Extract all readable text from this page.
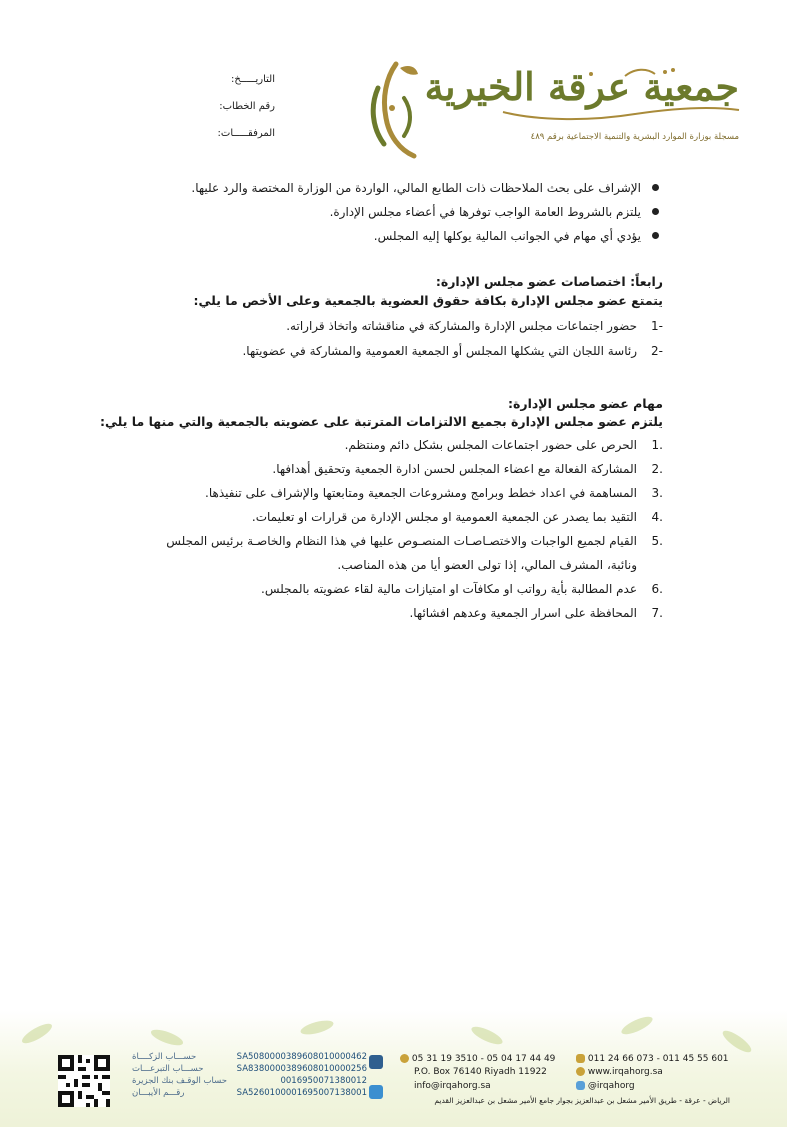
التاريـــــخ:
رقم الخطاب:
المرفقـــــات:
جمعية عرقة الخيرية
مسجلة بوزارة الموارد البشرية والتنمية الاجتماعية برقم ٤٨٩
الإشراف على بحث الملاحظات ذات الطابع المالي، الواردة من الوزارة المختصة والرد عليها.
يلتزم بالشروط العامة الواجب توفرها في أعضاء مجلس الإدارة.
يؤدي أي مهام في الجوانب المالية يوكلها إليه المجلس.
رابعاً: اختصاصات عضو مجلس الإدارة:
يتمتع عضو مجلس الإدارة بكافة حقوق العضوية بالجمعية وعلى الأخص ما يلي:
-1
حضور اجتماعات مجلس الإدارة والمشاركة في مناقشاته واتخاذ قراراته.
-2
رئاسة اللجان التي يشكلها المجلس أو الجمعية العمومية والمشاركة في عضويتها.
مهام عضو مجلس الإدارة:
يلتزم عضو مجلس الإدارة بجميع الالتزامات المترتبة على عضويته بالجمعية والتي منها ما يلي:
.1
الحرص على حضور اجتماعات المجلس بشكل دائم ومنتظم.
.2
المشاركة الفعالة مع اعضاء المجلس لحسن ادارة الجمعية وتحقيق أهدافها.
.3
المساهمة في اعداد خطط وبرامج ومشروعات الجمعية ومتابعتها والإشراف على تنفيذها.
.4
التقيد بما يصدر عن الجمعية العمومية او مجلس الإدارة من قرارات او تعليمات.
.5
القيام لجميع الواجبات والاختصـاصـات المنصـوص عليها في هذا النظام والخاصـة برئيس المجلس
ونائبة، المشرف المالي، إذا تولى العضو أيا من هذه المناصب.
.6
عدم المطالبة بأية رواتب او مكافآت او امتيازات مالية لقاء عضويته بالمجلس.
.7
المحافظة على اسرار الجمعية وعدهم افشائها.
حســـاب الزكــــاة	SA5080000389608010000462
حســـاب التبرعـــات	SA8380000389608010000256
حساب الوقـف بنك الجزيرة	0016950071380012
رقـــم الأيبـــان	SA5260100001695007138001
05 31 19 3510 - 05 04 17 44 49	011 24 66 073 - 011 45 55 601
P.O. Box 76140 Riyadh 11922	www.irqahorg.sa
info@irqahorg.sa	@irqahorg
الرياض - عرقة - طريق الأمير مشعل بن عبدالعزيز بجوار جامع الأمير مشعل بن عبدالعزيز القديم
